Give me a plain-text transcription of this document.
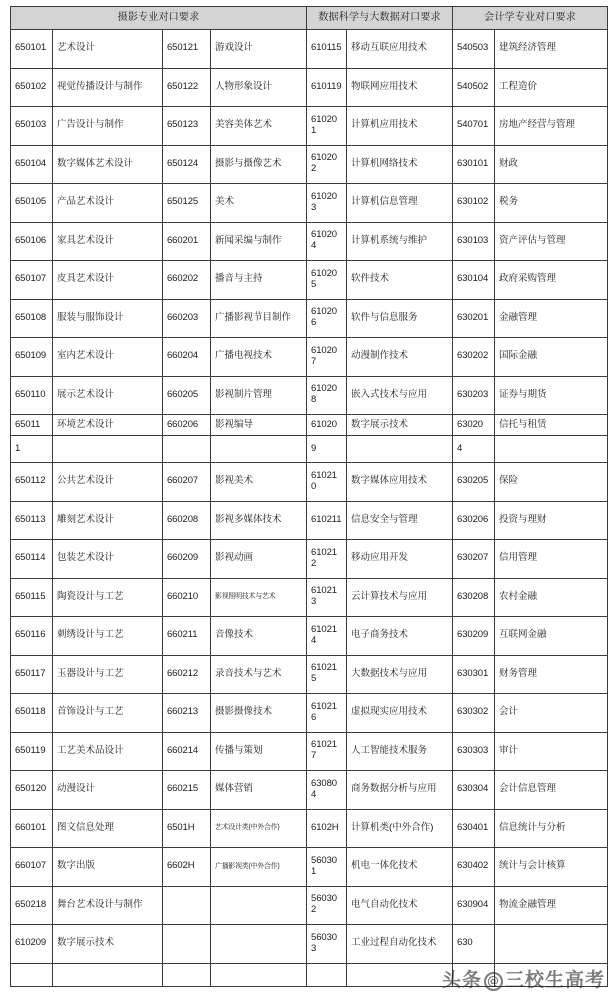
摄影专业对口要求				数据科学与大数据对口要求		会计学专业对口要求	
650101	艺术设计	650121	游戏设计	610115	移动互联应用技术	540503	建筑经济管理
650102	视觉传播设计与制作	650122	人物形象设计	610119	物联网应用技术	540502	工程造价
650103	广告设计与制作	650123	美容美体艺术	610201	计算机应用技术	540701	房地产经营与管理
650104	数字媒体艺术设计	650124	摄影与摄像艺术	610202	计算机网络技术	630101	财政
650105	产品艺术设计	650125	美术	610203	计算机信息管理	630102	税务
650106	家具艺术设计	660201	新闻采编与制作	610204	计算机系统与维护	630103	资产评估与管理
650107	皮具艺术设计	660202	播音与主持	610205	软件技术	630104	政府采购管理
650108	服装与服饰设计	660203	广播影视节目制作	610206	软件与信息服务	630201	金融管理
650109	室内艺术设计	660204	广播电视技术	610207	动漫制作技术	630202	国际金融
650110	展示艺术设计	660205	影视制片管理	610208	嵌入式技术与应用	630203	证券与期货
65011	环境艺术设计	660206	影视编导	61020	数字展示技术	63020	信托与租赁
1				9		4	
650112	公共艺术设计	660207	影视美术	610210	数字媒体应用技术	630205	保险
650113	雕刻艺术设计	660208	影视多媒体技术	610211	信息安全与管理	630206	投资与理财
650114	包装艺术设计	660209	影视动画	610212	移动应用开发	630207	信用管理
650115	陶瓷设计与工艺	660210	影视照明技术与艺术	610213	云计算技术与应用	630208	农村金融
650116	刺绣设计与工艺	660211	音像技术	610214	电子商务技术	630209	互联网金融
650117	玉器设计与工艺	660212	录音技术与艺术	610215	大数据技术与应用	630301	财务管理
650118	首饰设计与工艺	660213	摄影摄像技术	610216	虚拟现实应用技术	630302	会计
650119	工艺美术品设计	660214	传播与策划	610217	人工智能技术服务	630303	审计
650120	动漫设计	660215	媒体营销	630804	商务数据分析与应用	630304	会计信息管理
660101	图文信息处理	6501H	艺术设计类(中外合作)	6102H	计算机类(中外合作)	630401	信息统计与分析
660107	数字出版	6602H	广播影视类(中外合作)	560301	机电一体化技术	630402	统计与会计核算
650218	舞台艺术设计与制作			560302	电气自动化技术	630904	物流金融管理
610209	数字展示技术			560303	工业过程自动化技术	630	

头条 @ 三校生高考
